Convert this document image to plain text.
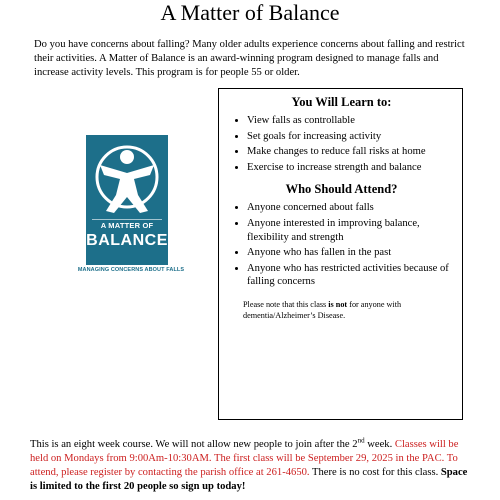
A Matter of Balance
Do you have concerns about falling? Many older adults experience concerns about falling and restrict their activities. A Matter of Balance is an award-winning program designed to manage falls and increase activity levels. This program is for people 55 or older.
A MATTER OF
BALANCE
MANAGING CONCERNS ABOUT FALLS
You Will Learn to:
• View falls as controllable
• Set goals for increasing activity
• Make changes to reduce fall risks at home
• Exercise to increase strength and balance
Who Should Attend?
• Anyone concerned about falls
• Anyone interested in improving balance, flexibility and strength
• Anyone who has fallen in the past
• Anyone who has restricted activities because of falling concerns
Please note that this class is not for anyone with dementia/Alzheimer’s Disease.
This is an eight week course. We will not allow new people to join after the 2nd week. Classes will be held on Mondays from 9:00Am-10:30AM. The first class will be September 29, 2025 in the PAC. To attend, please register by contacting the parish office at 261-4650. There is no cost for this class. Space is limited to the first 20 people so sign up today!
